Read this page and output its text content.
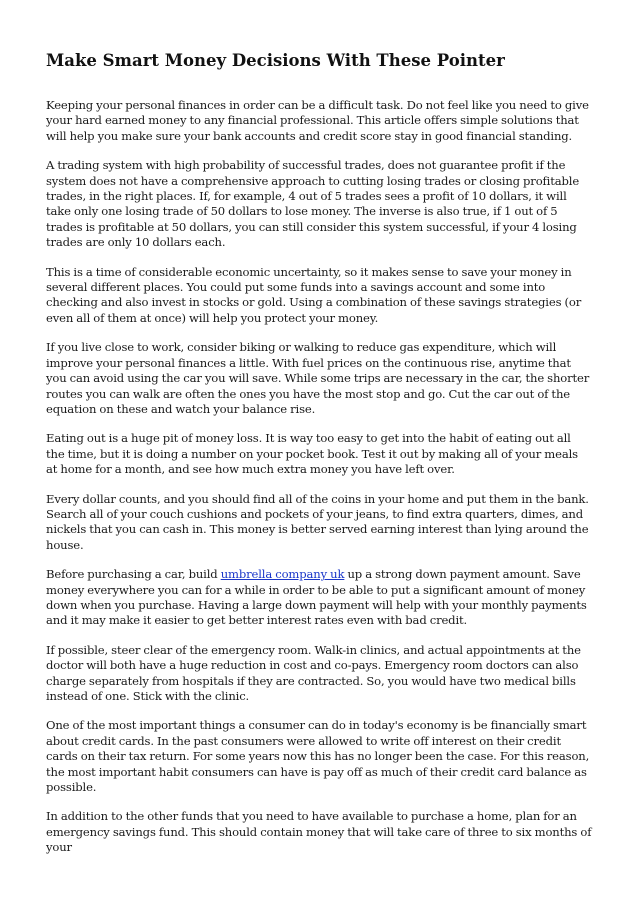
Make Smart Money Decisions With These Pointer

Keeping your personal finances in order can be a difficult task. Do not feel like you need to give your hard earned money to any financial professional. This article offers simple solutions that will help you make sure your bank accounts and credit score stay in good financial standing.

A trading system with high probability of successful trades, does not guarantee profit if the system does not have a comprehensive approach to cutting losing trades or closing profitable trades, in the right places. If, for example, 4 out of 5 trades sees a profit of 10 dollars, it will take only one losing trade of 50 dollars to lose money. The inverse is also true, if 1 out of 5 trades is profitable at 50 dollars, you can still consider this system successful, if your 4 losing trades are only 10 dollars each.

This is a time of considerable economic uncertainty, so it makes sense to save your money in several different places. You could put some funds into a savings account and some into checking and also invest in stocks or gold. Using a combination of these savings strategies (or even all of them at once) will help you protect your money.

If you live close to work, consider biking or walking to reduce gas expenditure, which will improve your personal finances a little. With fuel prices on the continuous rise, anytime that you can avoid using the car you will save. While some trips are necessary in the car, the shorter routes you can walk are often the ones you have the most stop and go. Cut the car out of the equation on these and watch your balance rise.

Eating out is a huge pit of money loss. It is way too easy to get into the habit of eating out all the time, but it is doing a number on your pocket book. Test it out by making all of your meals at home for a month, and see how much extra money you have left over.

Every dollar counts, and you should find all of the coins in your home and put them in the bank. Search all of your couch cushions and pockets of your jeans, to find extra quarters, dimes, and nickels that you can cash in. This money is better served earning interest than lying around the house.

Before purchasing a car, build umbrella company uk up a strong down payment amount. Save money everywhere you can for a while in order to be able to put a significant amount of money down when you purchase. Having a large down payment will help with your monthly payments and it may make it easier to get better interest rates even with bad credit.

If possible, steer clear of the emergency room. Walk-in clinics, and actual appointments at the doctor will both have a huge reduction in cost and co-pays. Emergency room doctors can also charge separately from hospitals if they are contracted. So, you would have two medical bills instead of one. Stick with the clinic.

One of the most important things a consumer can do in today's economy is be financially smart about credit cards. In the past consumers were allowed to write off interest on their credit cards on their tax return. For some years now this has no longer been the case. For this reason, the most important habit consumers can have is pay off as much of their credit card balance as possible.

In addition to the other funds that you need to have available to purchase a home, plan for an emergency savings fund. This should contain money that will take care of three to six months of your
